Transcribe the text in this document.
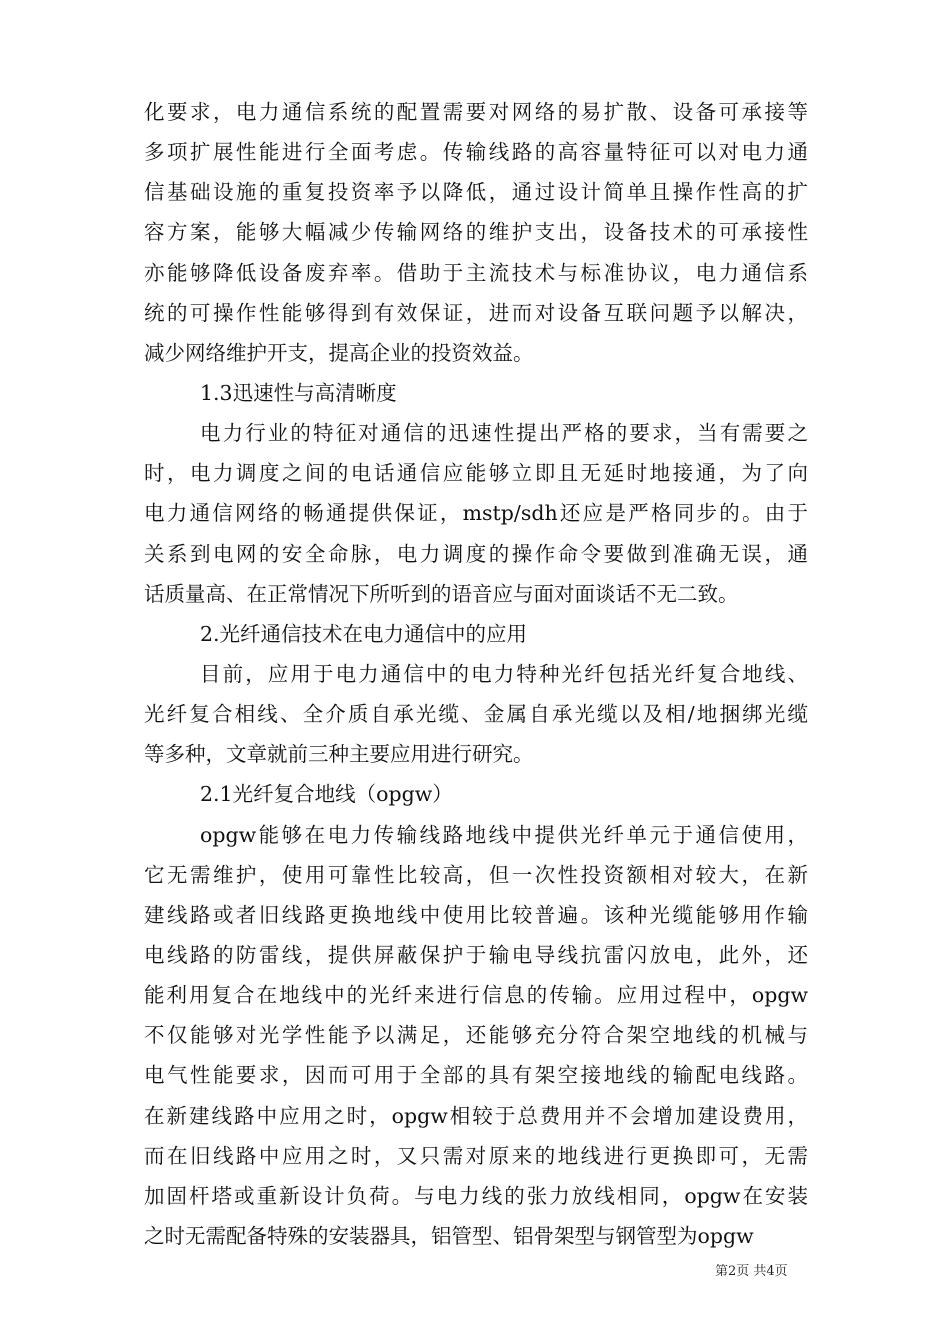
化要求，电力通信系统的配置需要对网络的易扩散、设备可承接等
多项扩展性能进行全面考虑。传输线路的高容量特征可以对电力通
信基础设施的重复投资率予以降低，通过设计简单且操作性高的扩
容方案，能够大幅减少传输网络的维护支出，设备技术的可承接性
亦能够降低设备废弃率。借助于主流技术与标准协议，电力通信系
统的可操作性能够得到有效保证，进而对设备互联问题予以解决，
减少网络维护开支，提高企业的投资效益。
1.3迅速性与高清晰度
电力行业的特征对通信的迅速性提出严格的要求，当有需要之
时，电力调度之间的电话通信应能够立即且无延时地接通，为了向
电力通信网络的畅通提供保证，mstp/sdh还应是严格同步的。由于
关系到电网的安全命脉，电力调度的操作命令要做到准确无误，通
话质量高、在正常情况下所听到的语音应与面对面谈话不无二致。
2.光纤通信技术在电力通信中的应用
目前，应用于电力通信中的电力特种光纤包括光纤复合地线、
光纤复合相线、全介质自承光缆、金属自承光缆以及相/地捆绑光缆
等多种，文章就前三种主要应用进行研究。
2.1光纤复合地线（opgw）
opgw能够在电力传输线路地线中提供光纤单元于通信使用，
它无需维护，使用可靠性比较高，但一次性投资额相对较大，在新
建线路或者旧线路更换地线中使用比较普遍。该种光缆能够用作输
电线路的防雷线，提供屏蔽保护于输电导线抗雷闪放电，此外，还
能利用复合在地线中的光纤来进行信息的传输。应用过程中，opgw
不仅能够对光学性能予以满足，还能够充分符合架空地线的机械与
电气性能要求，因而可用于全部的具有架空接地线的输配电线路。
在新建线路中应用之时，opgw相较于总费用并不会增加建设费用，
而在旧线路中应用之时，又只需对原来的地线进行更换即可，无需
加固杆塔或重新设计负荷。与电力线的张力放线相同，opgw在安装
之时无需配备特殊的安装器具，铝管型、铝骨架型与钢管型为opgw
第2页 共4页
